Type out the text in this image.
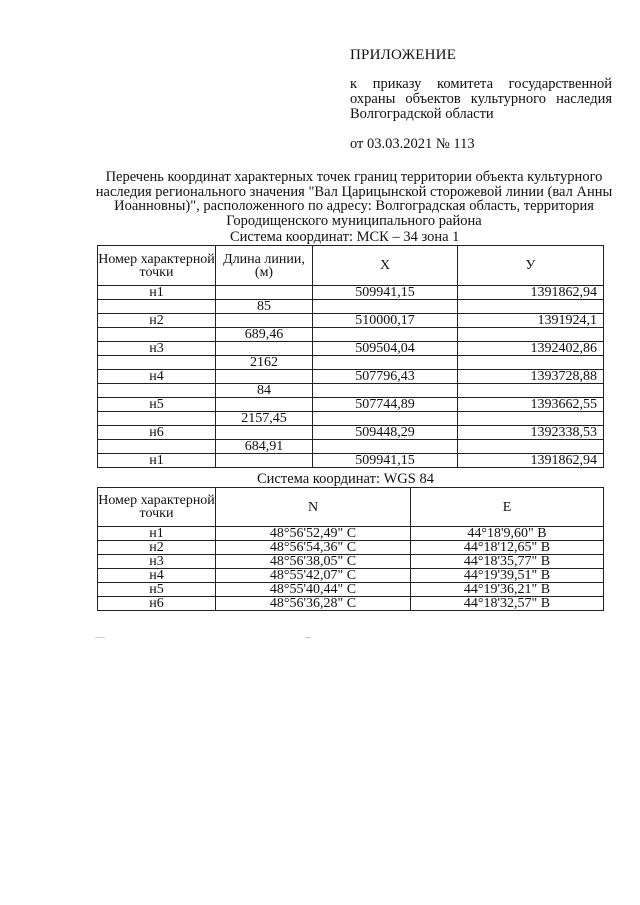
ПРИЛОЖЕНИЕ
к приказу комитета государственной охраны объектов культурного наследия Волгоградской области
от 03.03.2021 № 113
Перечень координат характерных точек границ территории объекта культурного наследия регионального значения "Вал Царицынской сторожевой линии (вал Анны Иоанновны)", расположенного по адресу: Волгоградская область, территория Городищенского муниципального района
Система координат: МСК – 34 зона 1
Номер характерной точки	Длина линии, (м)	X	У
н1		509941,15	1391862,94
	85		
н2		510000,17	1391924,1
	689,46		
н3		509504,04	1392402,86
	2162		
н4		507796,43	1393728,88
	84		
н5		507744,89	1393662,55
	2157,45		
н6		509448,29	1392338,53
	684,91		
н1		509941,15	1391862,94
Система координат: WGS 84
Номер характерной точки	N	E
н1	48°56'52,49" С	44°18'9,60" В
н2	48°56'54,36" С	44°18'12,65" В
н3	48°56'38,05" С	44°18'35,77" В
н4	48°55'42,07" С	44°19'39,51" В
н5	48°55'40,44" С	44°19'36,21" В
н6	48°56'36,28" С	44°18'32,57" В
